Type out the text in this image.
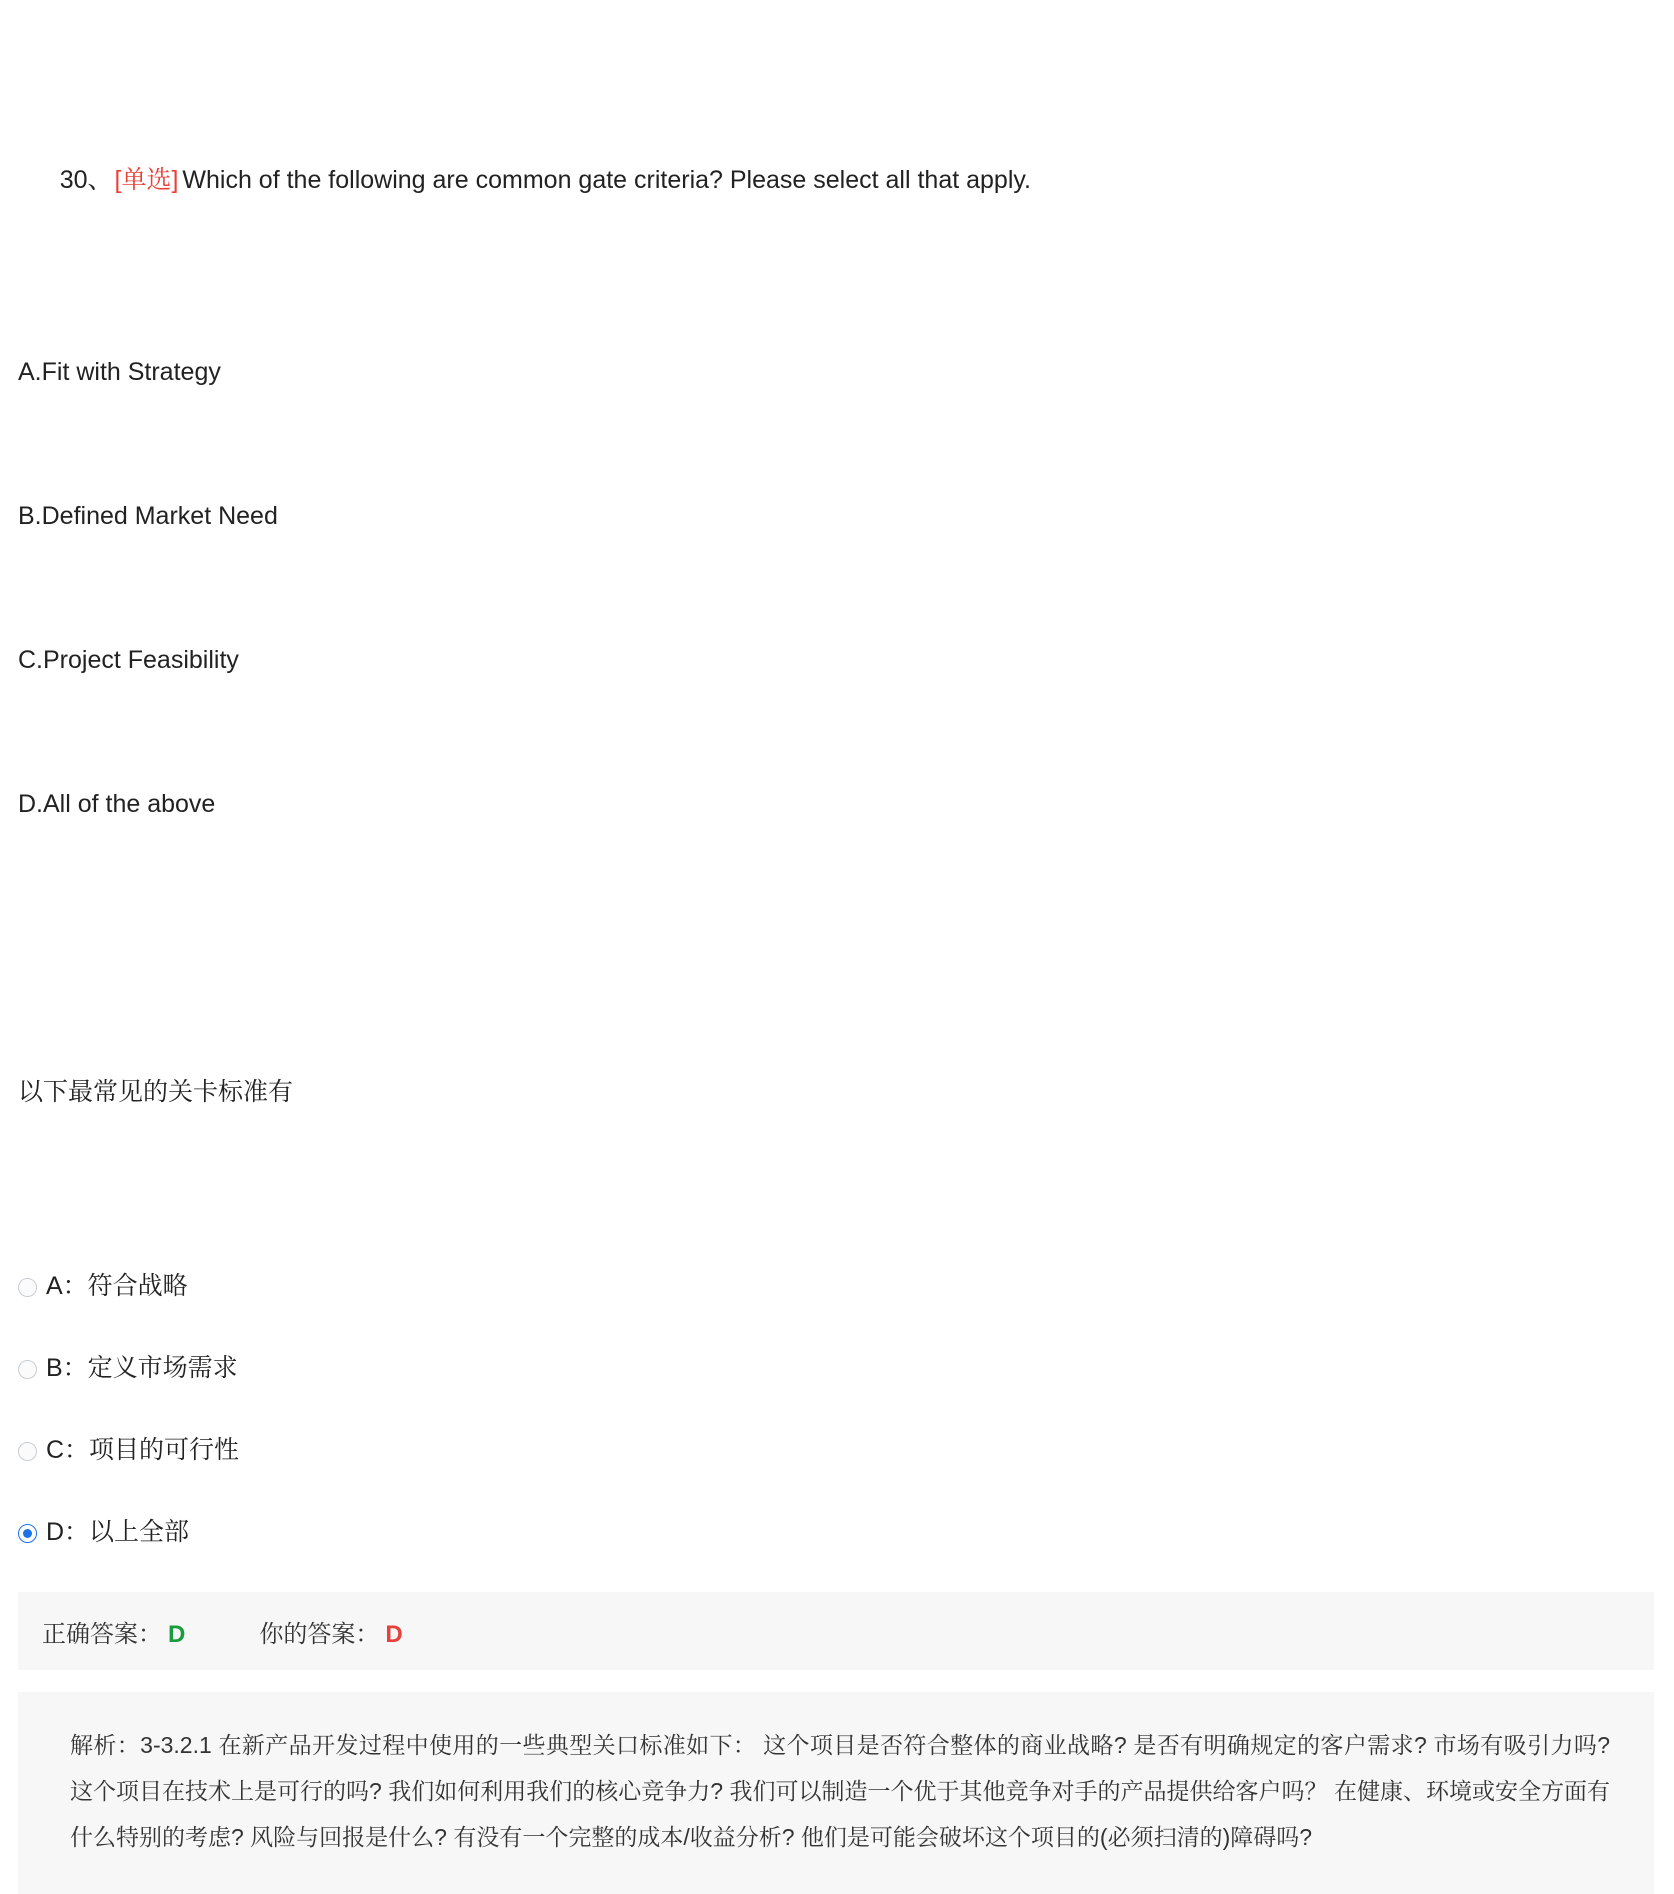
30、[单选] Which of the following are common gate criteria? Please select all that apply.

A.Fit with Strategy

B.Defined Market Need

C.Project Feasibility

D.All of the above

以下最常见的关卡标准有

A：符合战略
B：定义市场需求
C：项目的可行性
D：以上全部
正确答案： D	你的答案： D

解析：3-3.2.1 在新产品开发过程中使用的一些典型关口标准如下： 这个项目是否符合整体的商业战略? 是否有明确规定的客户需求? 市场有吸引力吗? 这个项目在技术上是可行的吗? 我们如何利用我们的核心竞争力? 我们可以制造一个优于其他竞争对手的产品提供给客户吗？ 在健康、环境或安全方面有什么特别的考虑? 风险与回报是什么? 有没有一个完整的成本/收益分析? 他们是可能会破坏这个项目的(必须扫清的)障碍吗?
